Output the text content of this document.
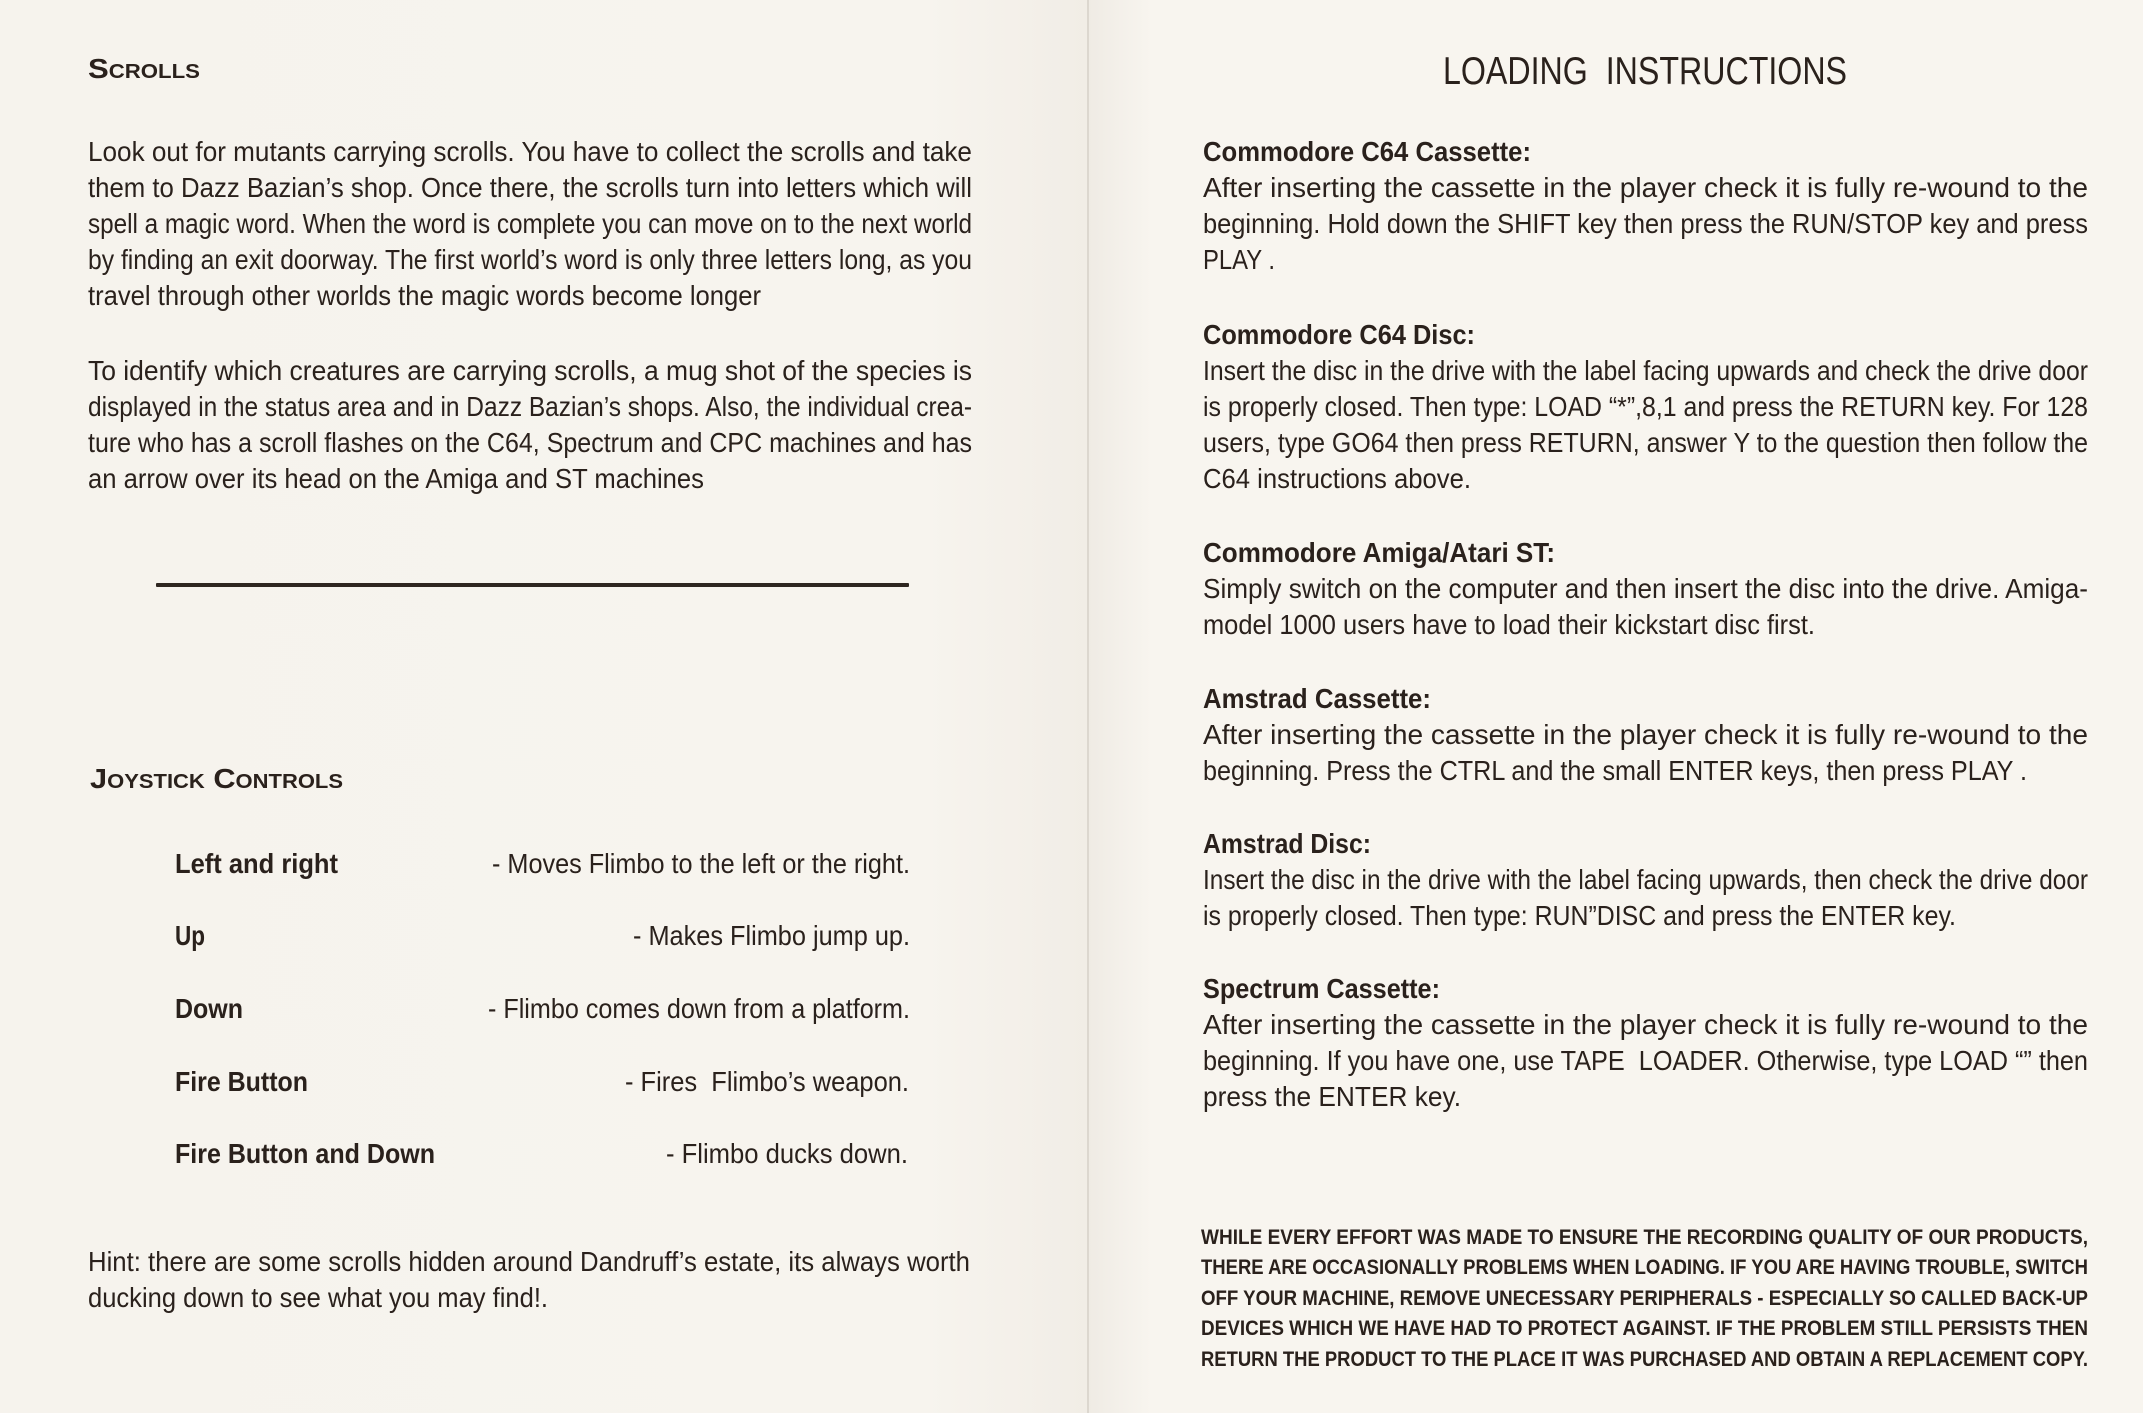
Scrolls
Look out for mutants carrying scrolls. You have to collect the scrolls and take
them to Dazz Bazian’s shop. Once there, the scrolls turn into letters which will
spell a magic word. When the word is complete you can move on to the next world
by finding an exit doorway. The first world’s word is only three letters long, as you
travel through other worlds the magic words become longer
To identify which creatures are carrying scrolls, a mug shot of the species is
displayed in the status area and in Dazz Bazian’s shops. Also, the individual crea-
ture who has a scroll flashes on the C64, Spectrum and CPC machines and has
an arrow over its head on the Amiga and ST machines
Joystick Controls
Left and right	- Moves Flimbo to the left or the right.
Up	- Makes Flimbo jump up.
Down	- Flimbo comes down from a platform.
Fire Button	- Fires  Flimbo’s weapon.
Fire Button and Down	- Flimbo ducks down.
Hint: there are some scrolls hidden around Dandruff’s estate, its always worth
ducking down to see what you may find!.
LOADING  INSTRUCTIONS
Commodore C64 Cassette:
After inserting the cassette in the player check it is fully re-wound to the
beginning. Hold down the SHIFT key then press the RUN/STOP key and press
PLAY .
Commodore C64 Disc:
Insert the disc in the drive with the label facing upwards and check the drive door
is properly closed. Then type: LOAD “*”,8,1 and press the RETURN key. For 128
users, type GO64 then press RETURN, answer Y to the question then follow the
C64 instructions above.
Commodore Amiga/Atari ST:
Simply switch on the computer and then insert the disc into the drive. Amiga-
model 1000 users have to load their kickstart disc first.
Amstrad Cassette:
After inserting the cassette in the player check it is fully re-wound to the
beginning. Press the CTRL and the small ENTER keys, then press PLAY .
Amstrad Disc:
Insert the disc in the drive with the label facing upwards, then check the drive door
is properly closed. Then type: RUN”DISC and press the ENTER key.
Spectrum Cassette:
After inserting the cassette in the player check it is fully re-wound to the
beginning. If you have one, use TAPE  LOADER. Otherwise, type LOAD “” then
press the ENTER key.
WHILE EVERY EFFORT WAS MADE TO ENSURE THE RECORDING QUALITY OF OUR PRODUCTS,
THERE ARE OCCASIONALLY PROBLEMS WHEN LOADING. IF YOU ARE HAVING TROUBLE, SWITCH
OFF YOUR MACHINE, REMOVE UNECESSARY PERIPHERALS - ESPECIALLY SO CALLED BACK-UP
DEVICES WHICH WE HAVE HAD TO PROTECT AGAINST. IF THE PROBLEM STILL PERSISTS THEN
RETURN THE PRODUCT TO THE PLACE IT WAS PURCHASED AND OBTAIN A REPLACEMENT COPY.
